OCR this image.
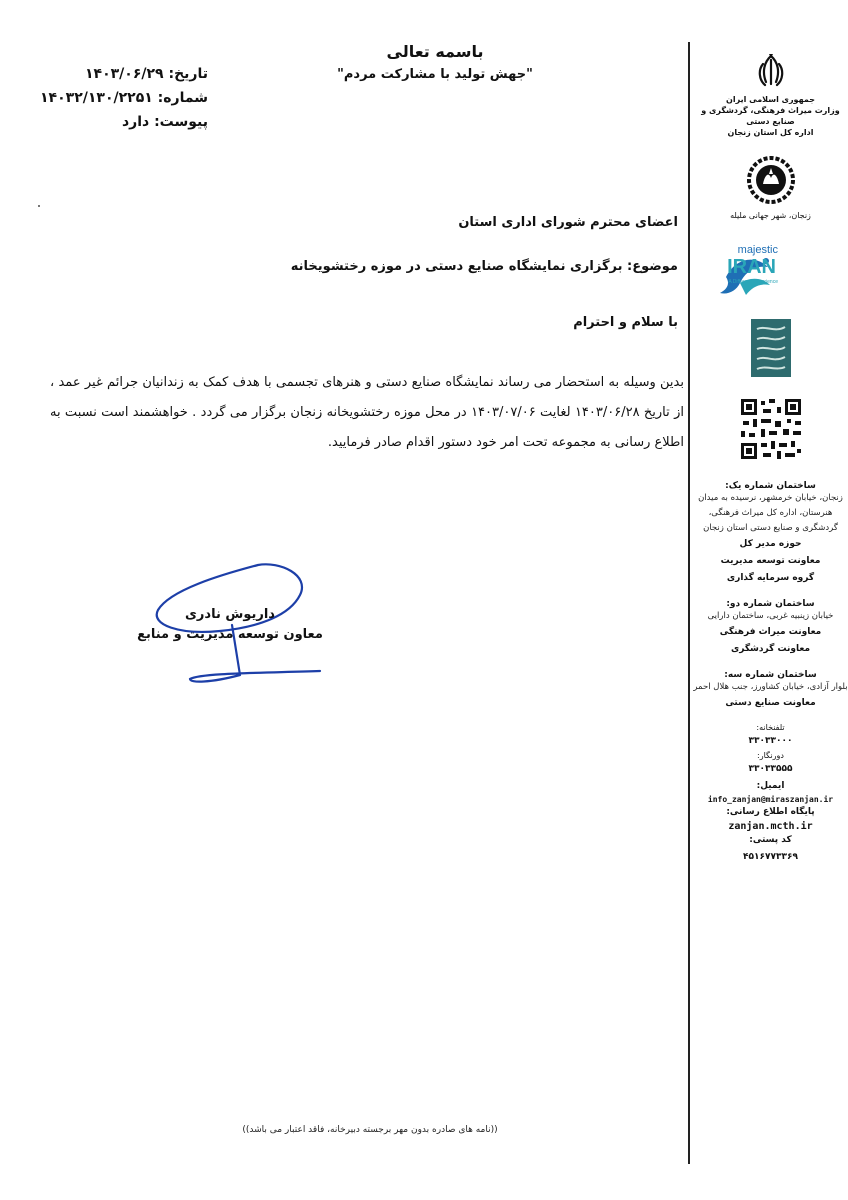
باسمه تعالی
"جهش تولید با مشارکت مردم"
تاریخ: ۱۴۰۳/۰۶/۲۹
شماره: ۱۴۰۳۲/۱۳۰/۲۲۵۱
پیوست: دارد
جمهوری اسلامی ایران
وزارت میراث فرهنگی، گردشگری و صنایع دستی
اداره کل استان زنجان
زنجان، شهر جهانی ملیله
majestic
IRAN
A Different Experience
ساختمان شماره یک:
زنجان، خیابان خرمشهر، نرسیده به میدان هنرستان، اداره کل میراث فرهنگی، گردشگری و صنایع دستی استان زنجان
حوزه مدیر کل
معاونت توسعه مدیریت
گروه سرمایه گذاری
ساختمان شماره دو:
خیابان زینبیه غربی، ساختمان دارایی
معاونت میراث فرهنگی
معاونت گردشگری
ساختمان شماره سه:
بلوار آزادی، خیابان کشاورز، جنب هلال احمر
معاونت صنایع دستی
تلفنخانه:
۳۳۰۳۳۰۰۰
دورنگار:
۳۳۰۳۳۵۵۵
ایمیل:
info_zanjan@miraszanjan.ir
پایگاه اطلاع رسانی:
zanjan.mcth.ir
کد پستی:
۴۵۱۶۷۷۳۳۶۹
اعضای محترم شورای اداری استان
موضوع: برگزاری نمایشگاه صنایع دستی در موزه رختشویخانه
با سلام و احترام
بدین وسیله به استحضار می رساند نمایشگاه صنایع دستی و هنرهای تجسمی با هدف کمک به زندانیان جرائم غیر عمد ، از تاریخ ۱۴۰۳/۰۶/۲۸ لغایت ۱۴۰۳/۰۷/۰۶ در محل موزه رختشویخانه زنجان برگزار می گردد . خواهشمند است نسبت به اطلاع رسانی به مجموعه تحت امر خود دستور اقدام صادر فرمایید.
داریوش نادری
معاون توسعه مدیریت و منابع
((نامه های صادره بدون مهر برجسته دبیرخانه، فاقد اعتبار می باشد))
